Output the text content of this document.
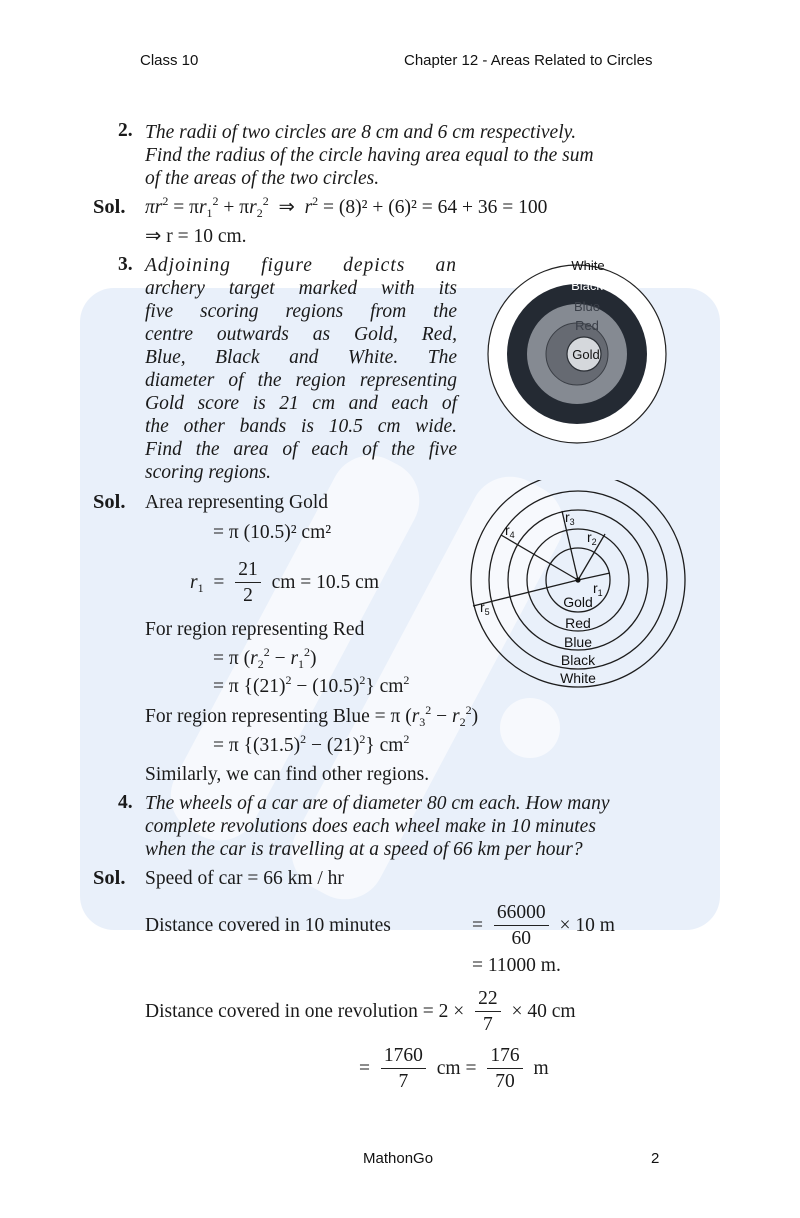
Class 10	Chapter 12 - Areas Related to Circles
2. The radii of two circles are 8 cm and 6 cm respectively.
Find the radius of the circle having area equal to the sum
of the areas of the two circles.
Sol. $\pi r^2 = \pi r_1^2 + \pi r_2^2$  ⇒  $r^2 = (8)^2 + (6)^2 = 64 + 36 = 100$
⇒ r = 10 cm.
3. Adjoining figure depicts an
archery target marked with its
five scoring regions from the
centre outwards as Gold, Red,
Blue, Black and White. The
diameter of the region representing
Gold score is 21 cm and each of
the other bands is 10.5 cm wide.
Find the area of each of the five
scoring regions.
White
Black
Blue
Red
Gold
Sol. Area representing Gold
= π (10.5)² cm²
$r_1 = \frac{21}{2}$ cm = 10.5 cm
For region representing Red
= π $(r_2^2 - r_1^2)$
= π $\{(21)^2 - (10.5)^2\}$ $cm^2$
For region representing Blue = π $(r_3^2 - r_2^2)$
= π $\{(31.5)^2 - (21)^2\}$ $cm^2$
Similarly, we can find other regions.
$r_1$
$r_2$
$r_3$
$r_4$
$r_5$
Gold
Red
Blue
Black
White
4. The wheels of a car are of diameter 80 cm each. How many
complete revolutions does each wheel make in 10 minutes
when the car is travelling at a speed of 66 km per hour?
Sol. Speed of car = 66 km / hr
Distance covered in 10 minutes	= $\frac{66000}{60} \times 10$ m
= 11000 m.
Distance covered in one revolution = $2 \times \frac{22}{7} \times 40$ cm
= $\frac{1760}{7}$ cm = $\frac{176}{70}$ m
MathonGo	2
